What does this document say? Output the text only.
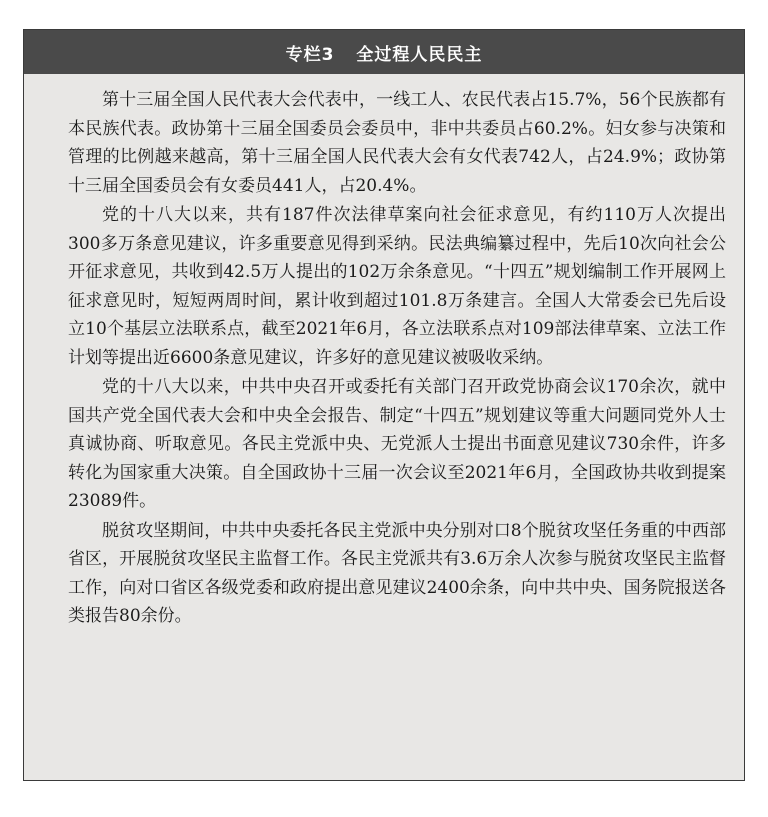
专栏3 全过程人民民主

第十三届全国人民代表大会代表中，一线工人、农民代表占15.7%，56个民族都有本民族代表。政协第十三届全国委员会委员中，非中共委员占60.2%。妇女参与决策和管理的比例越来越高，第十三届全国人民代表大会有女代表742人，占24.9%；政协第十三届全国委员会有女委员441人，占20.4%。

党的十八大以来，共有187件次法律草案向社会征求意见，有约110万人次提出300多万条意见建议，许多重要意见得到采纳。民法典编纂过程中，先后10次向社会公开征求意见，共收到42.5万人提出的102万余条意见。“十四五”规划编制工作开展网上征求意见时，短短两周时间，累计收到超过101.8万条建言。全国人大常委会已先后设立10个基层立法联系点，截至2021年6月，各立法联系点对109部法律草案、立法工作计划等提出近6600条意见建议，许多好的意见建议被吸收采纳。

党的十八大以来，中共中央召开或委托有关部门召开政党协商会议170余次，就中国共产党全国代表大会和中央全会报告、制定“十四五”规划建议等重大问题同党外人士真诚协商、听取意见。各民主党派中央、无党派人士提出书面意见建议730余件，许多转化为国家重大决策。自全国政协十三届一次会议至2021年6月，全国政协共收到提案23089件。

脱贫攻坚期间，中共中央委托各民主党派中央分别对口8个脱贫攻坚任务重的中西部省区，开展脱贫攻坚民主监督工作。各民主党派共有3.6万余人次参与脱贫攻坚民主监督工作，向对口省区各级党委和政府提出意见建议2400余条，向中共中央、国务院报送各类报告80余份。
